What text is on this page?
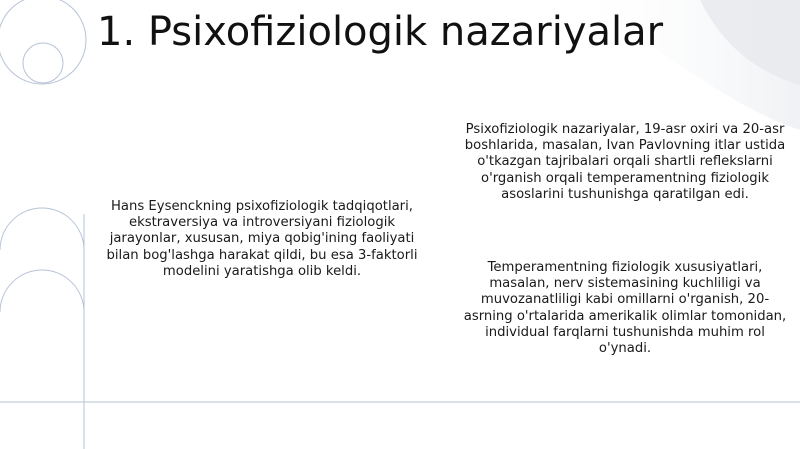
1. Psixofiziologik nazariyalar

Hans Eysenckning psixofiziologik tadqiqotlari, ekstraversiya va introversiyani fiziologik jarayonlar, xususan, miya qobig'ining faoliyati bilan bog'lashga harakat qildi, bu esa 3-faktorli modelini yaratishga olib keldi.

Psixofiziologik nazariyalar, 19-asr oxiri va 20-asr boshlarida, masalan, Ivan Pavlovning itlar ustida o'tkazgan tajribalari orqali shartli reflekslarni o'rganish orqali temperamentning fiziologik asoslarini tushunishga qaratilgan edi.

Temperamentning fiziologik xususiyatlari, masalan, nerv sistemasining kuchliligi va muvozanatliligi kabi omillarni o'rganish, 20-asrning o'rtalarida amerikalik olimlar tomonidan, individual farqlarni tushunishda muhim rol o'ynadi.
